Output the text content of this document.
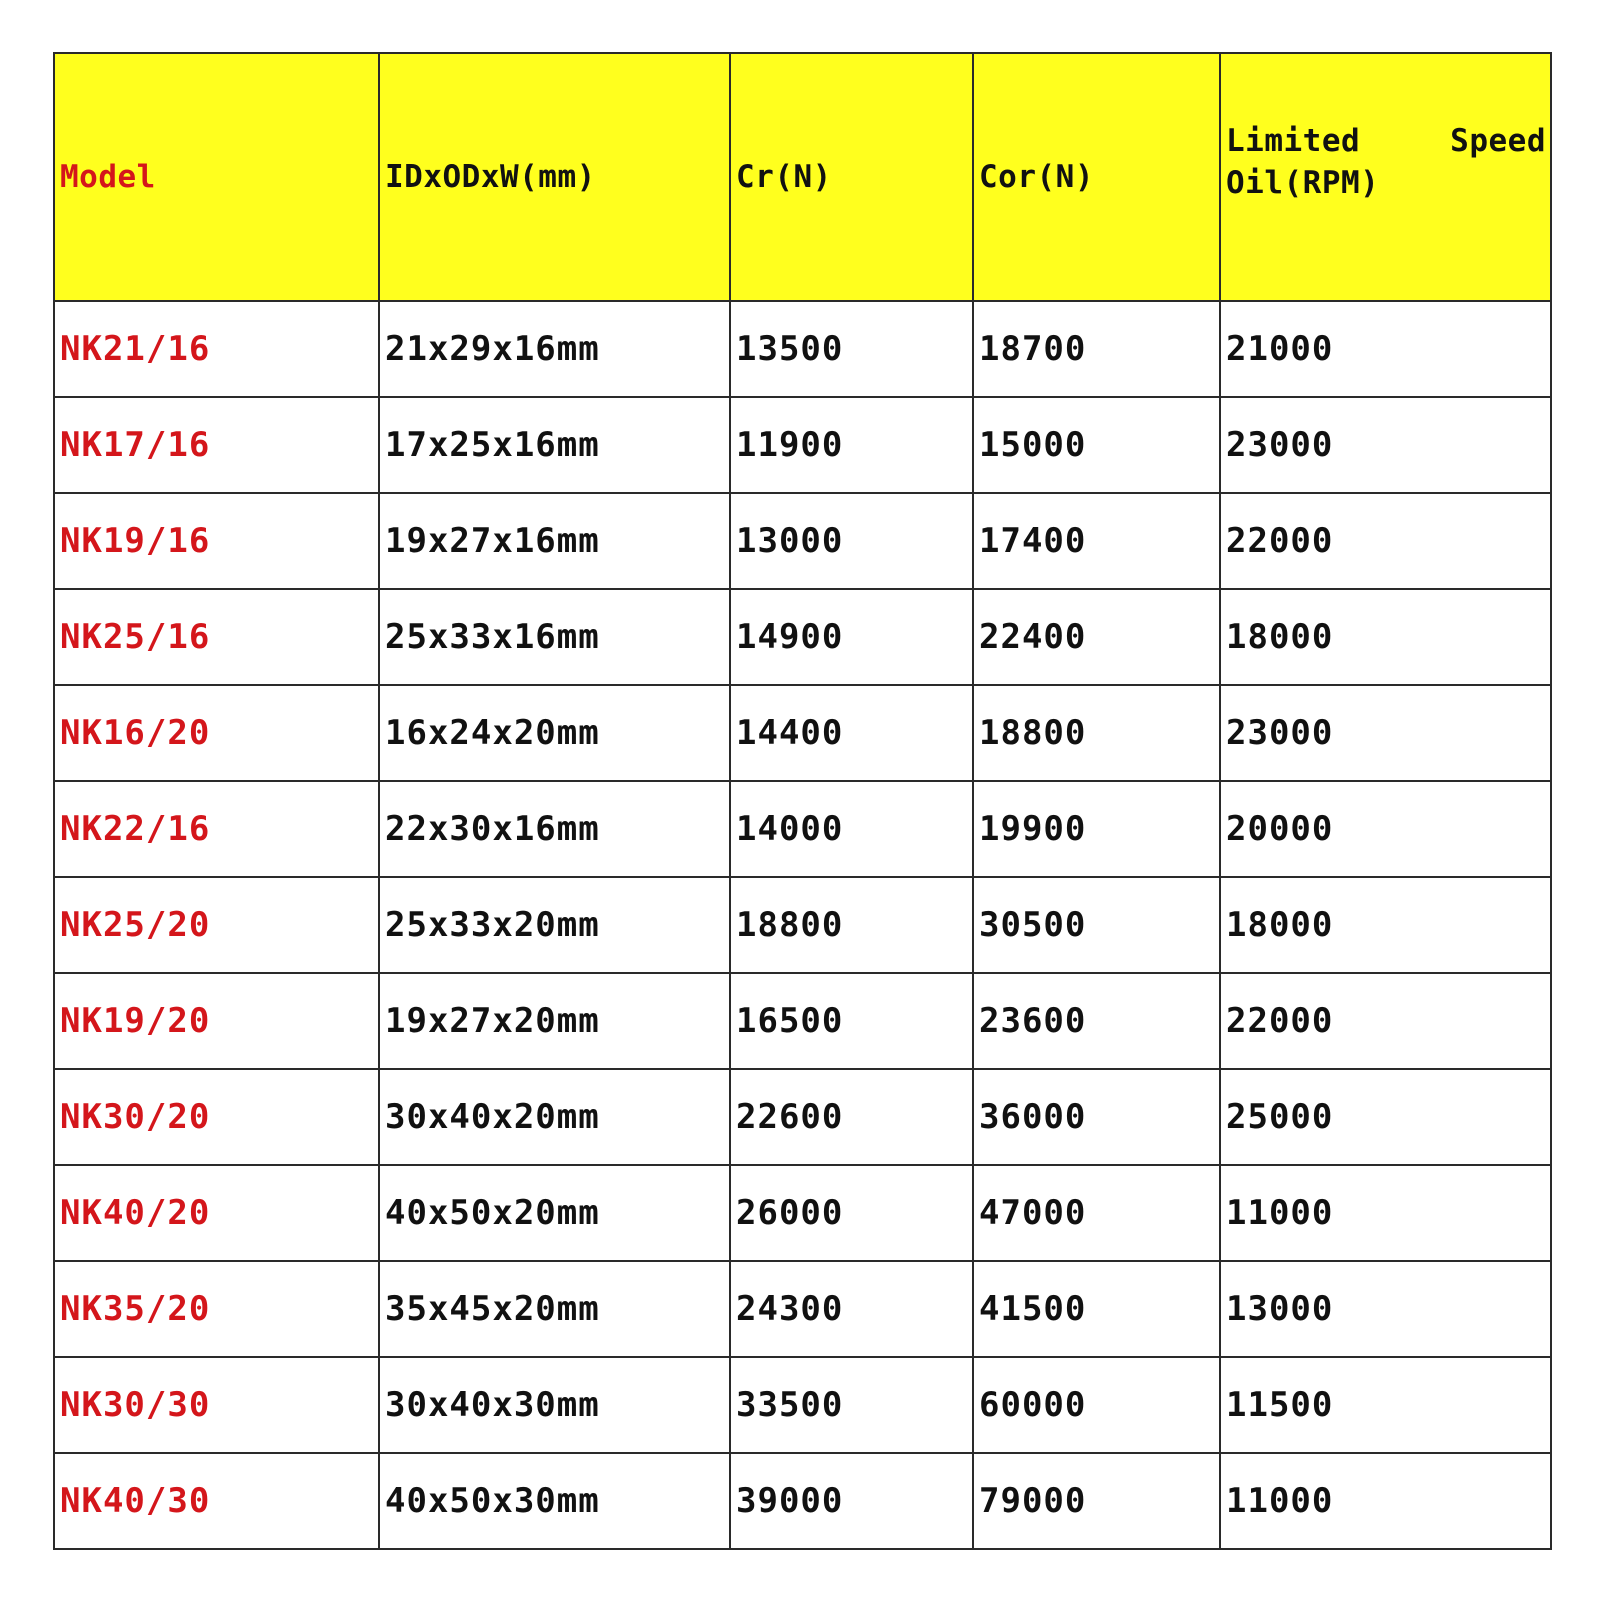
Model	IDxODxW(mm)	Cr(N)	Cor(N)	Limited Speed
Oil(RPM)

NK21/16	21x29x16mm	13500	18700	21000
NK17/16	17x25x16mm	11900	15000	23000
NK19/16	19x27x16mm	13000	17400	22000
NK25/16	25x33x16mm	14900	22400	18000
NK16/20	16x24x20mm	14400	18800	23000
NK22/16	22x30x16mm	14000	19900	20000
NK25/20	25x33x20mm	18800	30500	18000
NK19/20	19x27x20mm	16500	23600	22000
NK30/20	30x40x20mm	22600	36000	25000
NK40/20	40x50x20mm	26000	47000	11000
NK35/20	35x45x20mm	24300	41500	13000
NK30/30	30x40x30mm	33500	60000	11500
NK40/30	40x50x30mm	39000	79000	11000
